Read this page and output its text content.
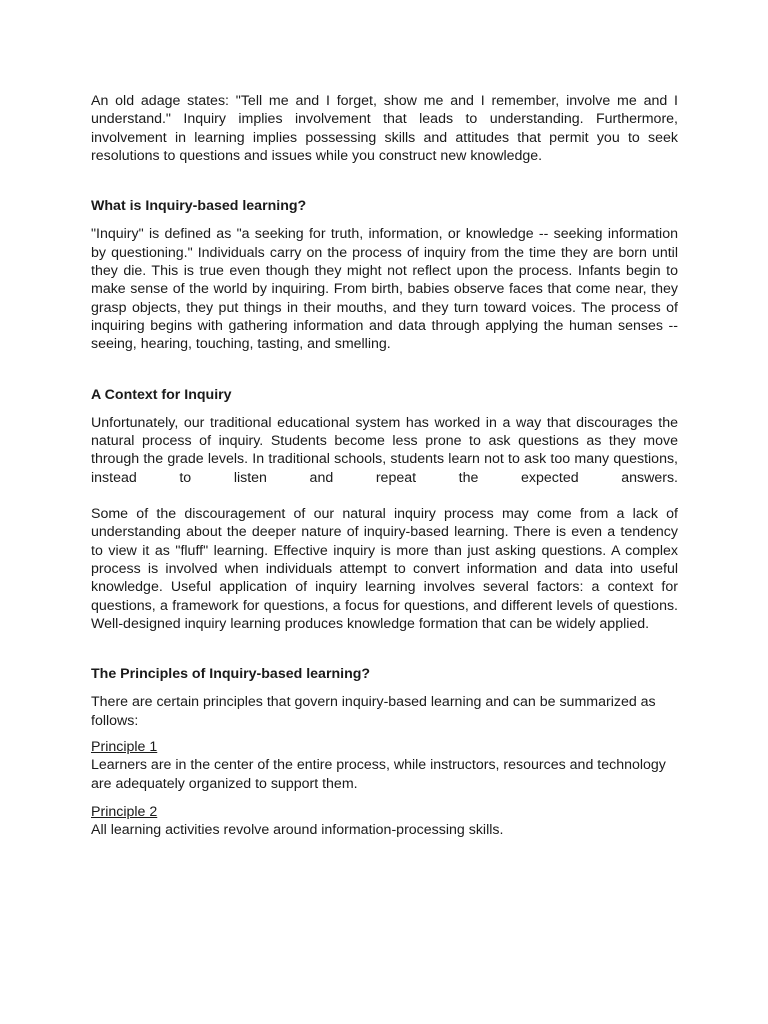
An old adage states: "Tell me and I forget, show me and I remember, involve me and I understand." Inquiry implies involvement that leads to understanding. Furthermore, involvement in learning implies possessing skills and attitudes that permit you to seek resolutions to questions and issues while you construct new knowledge.

What is Inquiry-based learning?

"Inquiry" is defined as "a seeking for truth, information, or knowledge -- seeking information by questioning." Individuals carry on the process of inquiry from the time they are born until they die. This is true even though they might not reflect upon the process. Infants begin to make sense of the world by inquiring. From birth, babies observe faces that come near, they grasp objects, they put things in their mouths, and they turn toward voices. The process of inquiring begins with gathering information and data through applying the human senses -- seeing, hearing, touching, tasting, and smelling.

A Context for Inquiry

Unfortunately, our traditional educational system has worked in a way that discourages the natural process of inquiry. Students become less prone to ask questions as they move through the grade levels. In traditional schools, students learn not to ask too many questions, instead to listen and repeat the expected answers.

Some of the discouragement of our natural inquiry process may come from a lack of understanding about the deeper nature of inquiry-based learning. There is even a tendency to view it as "fluff" learning. Effective inquiry is more than just asking questions. A complex process is involved when individuals attempt to convert information and data into useful knowledge. Useful application of inquiry learning involves several factors: a context for questions, a framework for questions, a focus for questions, and different levels of questions. Well-designed inquiry learning produces knowledge formation that can be widely applied.

The Principles of Inquiry-based learning?

There are certain principles that govern inquiry-based learning and can be summarized as follows:

Principle 1

Learners are in the center of the entire process, while instructors, resources and technology are adequately organized to support them.

Principle 2

All learning activities revolve around information-processing skills.
